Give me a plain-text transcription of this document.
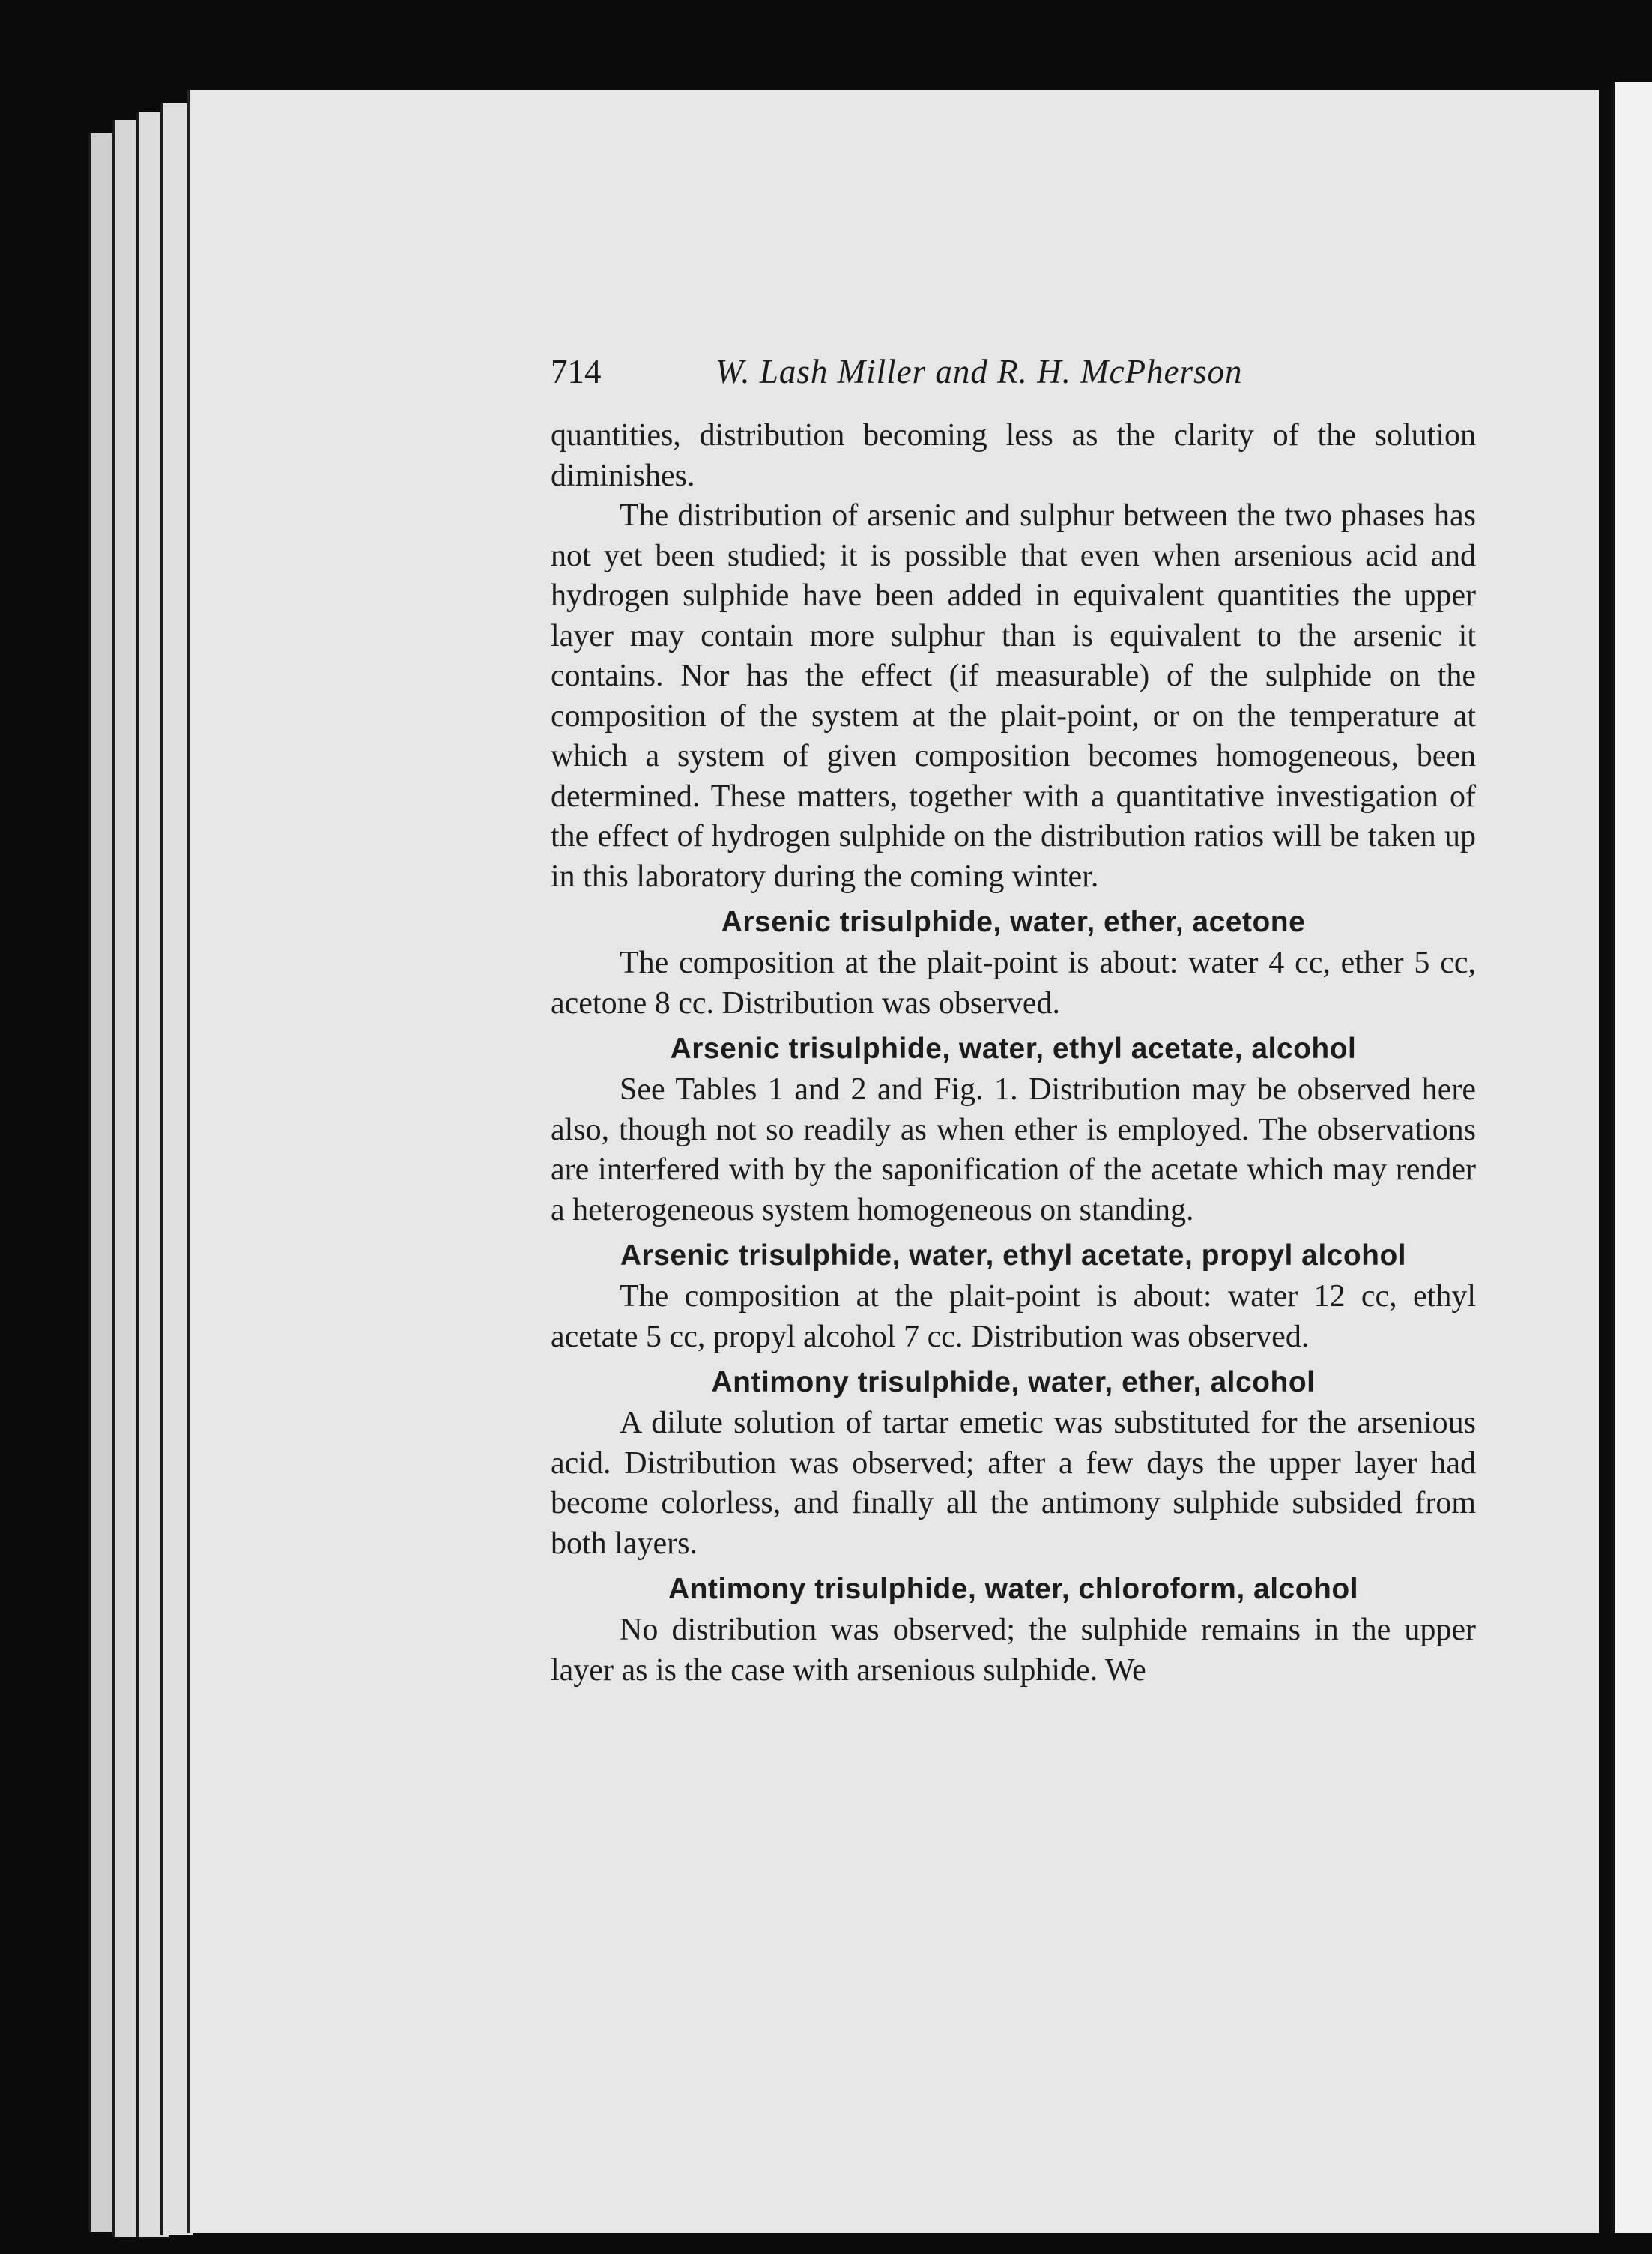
714	W. Lash Miller and R. H. McPherson

quantities, distribution becoming less as the clarity of the solution diminishes.

The distribution of arsenic and sulphur between the two phases has not yet been studied; it is possible that even when arsenious acid and hydrogen sulphide have been added in equivalent quantities the upper layer may contain more sulphur than is equivalent to the arsenic it contains. Nor has the effect (if measurable) of the sulphide on the composition of the system at the plait-point, or on the temperature at which a system of given composition becomes homogeneous, been determined. These matters, together with a quantitative investigation of the effect of hydrogen sulphide on the distribution ratios will be taken up in this laboratory during the coming winter.

Arsenic trisulphide, water, ether, acetone

The composition at the plait-point is about: water 4 cc, ether 5 cc, acetone 8 cc. Distribution was observed.

Arsenic trisulphide, water, ethyl acetate, alcohol

See Tables 1 and 2 and Fig. 1. Distribution may be observed here also, though not so readily as when ether is employed. The observations are interfered with by the saponification of the acetate which may render a heterogeneous system homogeneous on standing.

Arsenic trisulphide, water, ethyl acetate, propyl alcohol

The composition at the plait-point is about: water 12 cc, ethyl acetate 5 cc, propyl alcohol 7 cc. Distribution was observed.

Antimony trisulphide, water, ether, alcohol

A dilute solution of tartar emetic was substituted for the arsenious acid. Distribution was observed; after a few days the upper layer had become colorless, and finally all the antimony sulphide subsided from both layers.

Antimony trisulphide, water, chloroform, alcohol

No distribution was observed; the sulphide remains in the upper layer as is the case with arsenious sulphide. We
